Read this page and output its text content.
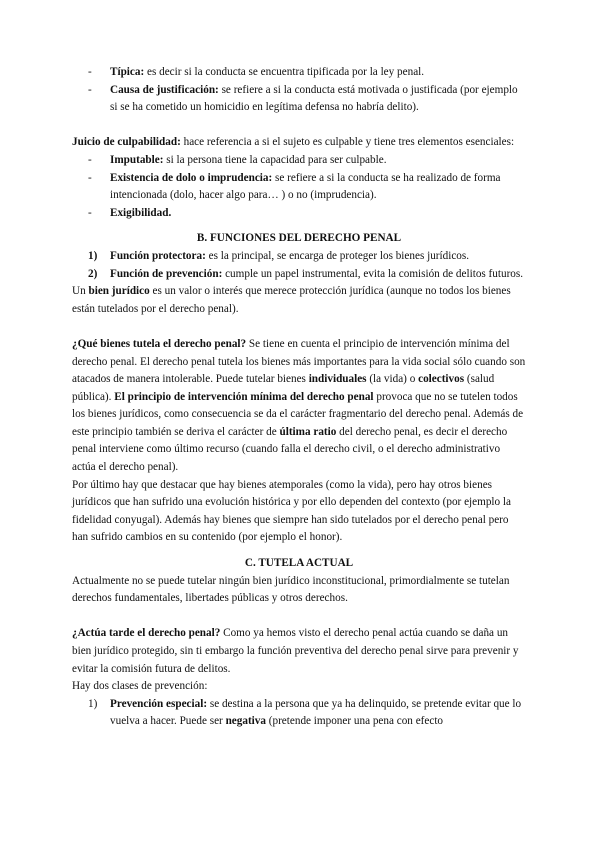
- Típica: es decir si la conducta se encuentra tipificada por la ley penal.
- Causa de justificación: se refiere a si la conducta está motivada o justificada (por ejemplo si se ha cometido un homicidio en legítima defensa no habría delito).

Juicio de culpabilidad: hace referencia a si el sujeto es culpable y tiene tres elementos esenciales:

- Imputable: si la persona tiene la capacidad para ser culpable.
- Existencia de dolo o imprudencia: se refiere a si la conducta se ha realizado de forma intencionada (dolo, hacer algo para… ) o no (imprudencia).
- Exigibilidad.

B. FUNCIONES DEL DERECHO PENAL

1) Función protectora: es la principal, se encarga de proteger los bienes jurídicos.
2) Función de prevención: cumple un papel instrumental, evita la comisión de delitos futuros.

Un bien jurídico es un valor o interés que merece protección jurídica (aunque no todos los bienes están tutelados por el derecho penal).

¿Qué bienes tutela el derecho penal? Se tiene en cuenta el principio de intervención mínima del derecho penal. El derecho penal tutela los bienes más importantes para la vida social sólo cuando son atacados de manera intolerable. Puede tutelar bienes individuales (la vida) o colectivos (salud pública). El principio de intervención mínima del derecho penal provoca que no se tutelen todos los bienes jurídicos, como consecuencia se da el carácter fragmentario del derecho penal. Además de este principio también se deriva el carácter de última ratio del derecho penal, es decir el derecho penal interviene como último recurso (cuando falla el derecho civil, o el derecho administrativo actúa el derecho penal).

Por último hay que destacar que hay bienes atemporales (como la vida), pero hay otros bienes jurídicos que han sufrido una evolución histórica y por ello dependen del contexto (por ejemplo la fidelidad conyugal). Además hay bienes que siempre han sido tutelados por el derecho penal pero han sufrido cambios en su contenido (por ejemplo el honor).

C. TUTELA ACTUAL

Actualmente no se puede tutelar ningún bien jurídico inconstitucional, primordialmente se tutelan derechos fundamentales, libertades públicas y otros derechos.

¿Actúa tarde el derecho penal? Como ya hemos visto el derecho penal actúa cuando se daña un bien jurídico protegido, sin ti embargo la función preventiva del derecho penal sirve para prevenir y evitar la comisión futura de delitos.

Hay dos clases de prevención:

1) Prevención especial: se destina a la persona que ya ha delinquido, se pretende evitar que lo vuelva a hacer. Puede ser negativa (pretende imponer una pena con efecto
